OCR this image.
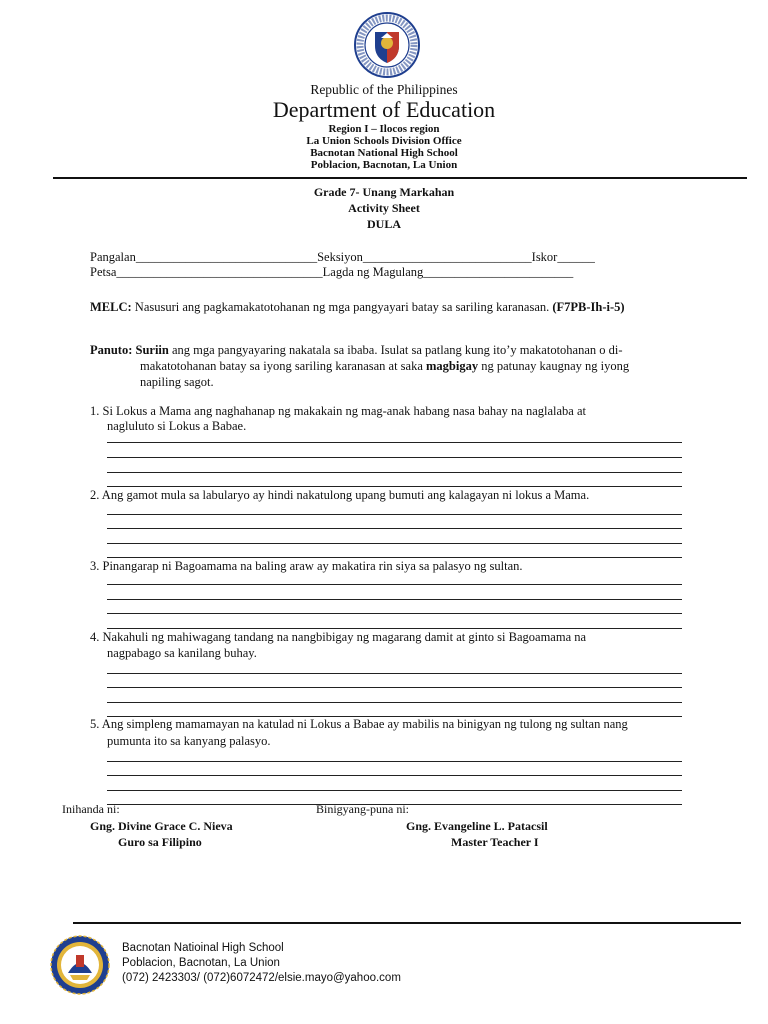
Republic of the Philippines
Department of Education
Region I – Ilocos region
La Union Schools Division Office
Bacnotan National High School
Poblacion, Bacnotan, La Union
Grade 7- Unang Markahan
Activity Sheet
DULA
Pangalan_____________________________Seksiyon___________________________Iskor______
Petsa_________________________________Lagda ng Magulang________________________
MELC: Nasusuri ang pagkamakatotohanan ng mga pangyayari batay sa sariling karanasan. (F7PB-Ih-i-5)
Panuto: Suriin ang mga pangyayaring nakatala sa ibaba. Isulat sa patlang kung ito’y makatotohanan o di-
makatotohanan batay sa iyong sariling karanasan at saka magbigay ng patunay kaugnay ng iyong
napiling sagot.
1. Si Lokus a Mama ang naghahanap ng makakain ng mag-anak habang nasa bahay na naglalaba at
nagluluto si Lokus a Babae.
2. Ang gamot mula sa labularyo ay hindi nakatulong upang bumuti ang kalagayan ni lokus a Mama.
3. Pinangarap ni Bagoamama na baling araw ay makatira rin siya sa palasyo ng sultan.
4. Nakahuli ng mahiwagang tandang na nangbibigay ng magarang damit at ginto si Bagoamama na
nagpabago sa kanilang buhay.
5. Ang simpleng mamamayan na katulad ni Lokus a Babae ay mabilis na binigyan ng tulong ng sultan nang
pumunta ito sa kanyang palasyo.
Inihanda ni:
Gng. Divine Grace C. Nieva
Guro sa Filipino
Binigyang-puna ni:
Gng. Evangeline L. Patacsil
Master Teacher I
Bacnotan Natioinal High School
Poblacion, Bacnotan, La Union
(072) 2423303/ (072)6072472/elsie.mayo@yahoo.com
